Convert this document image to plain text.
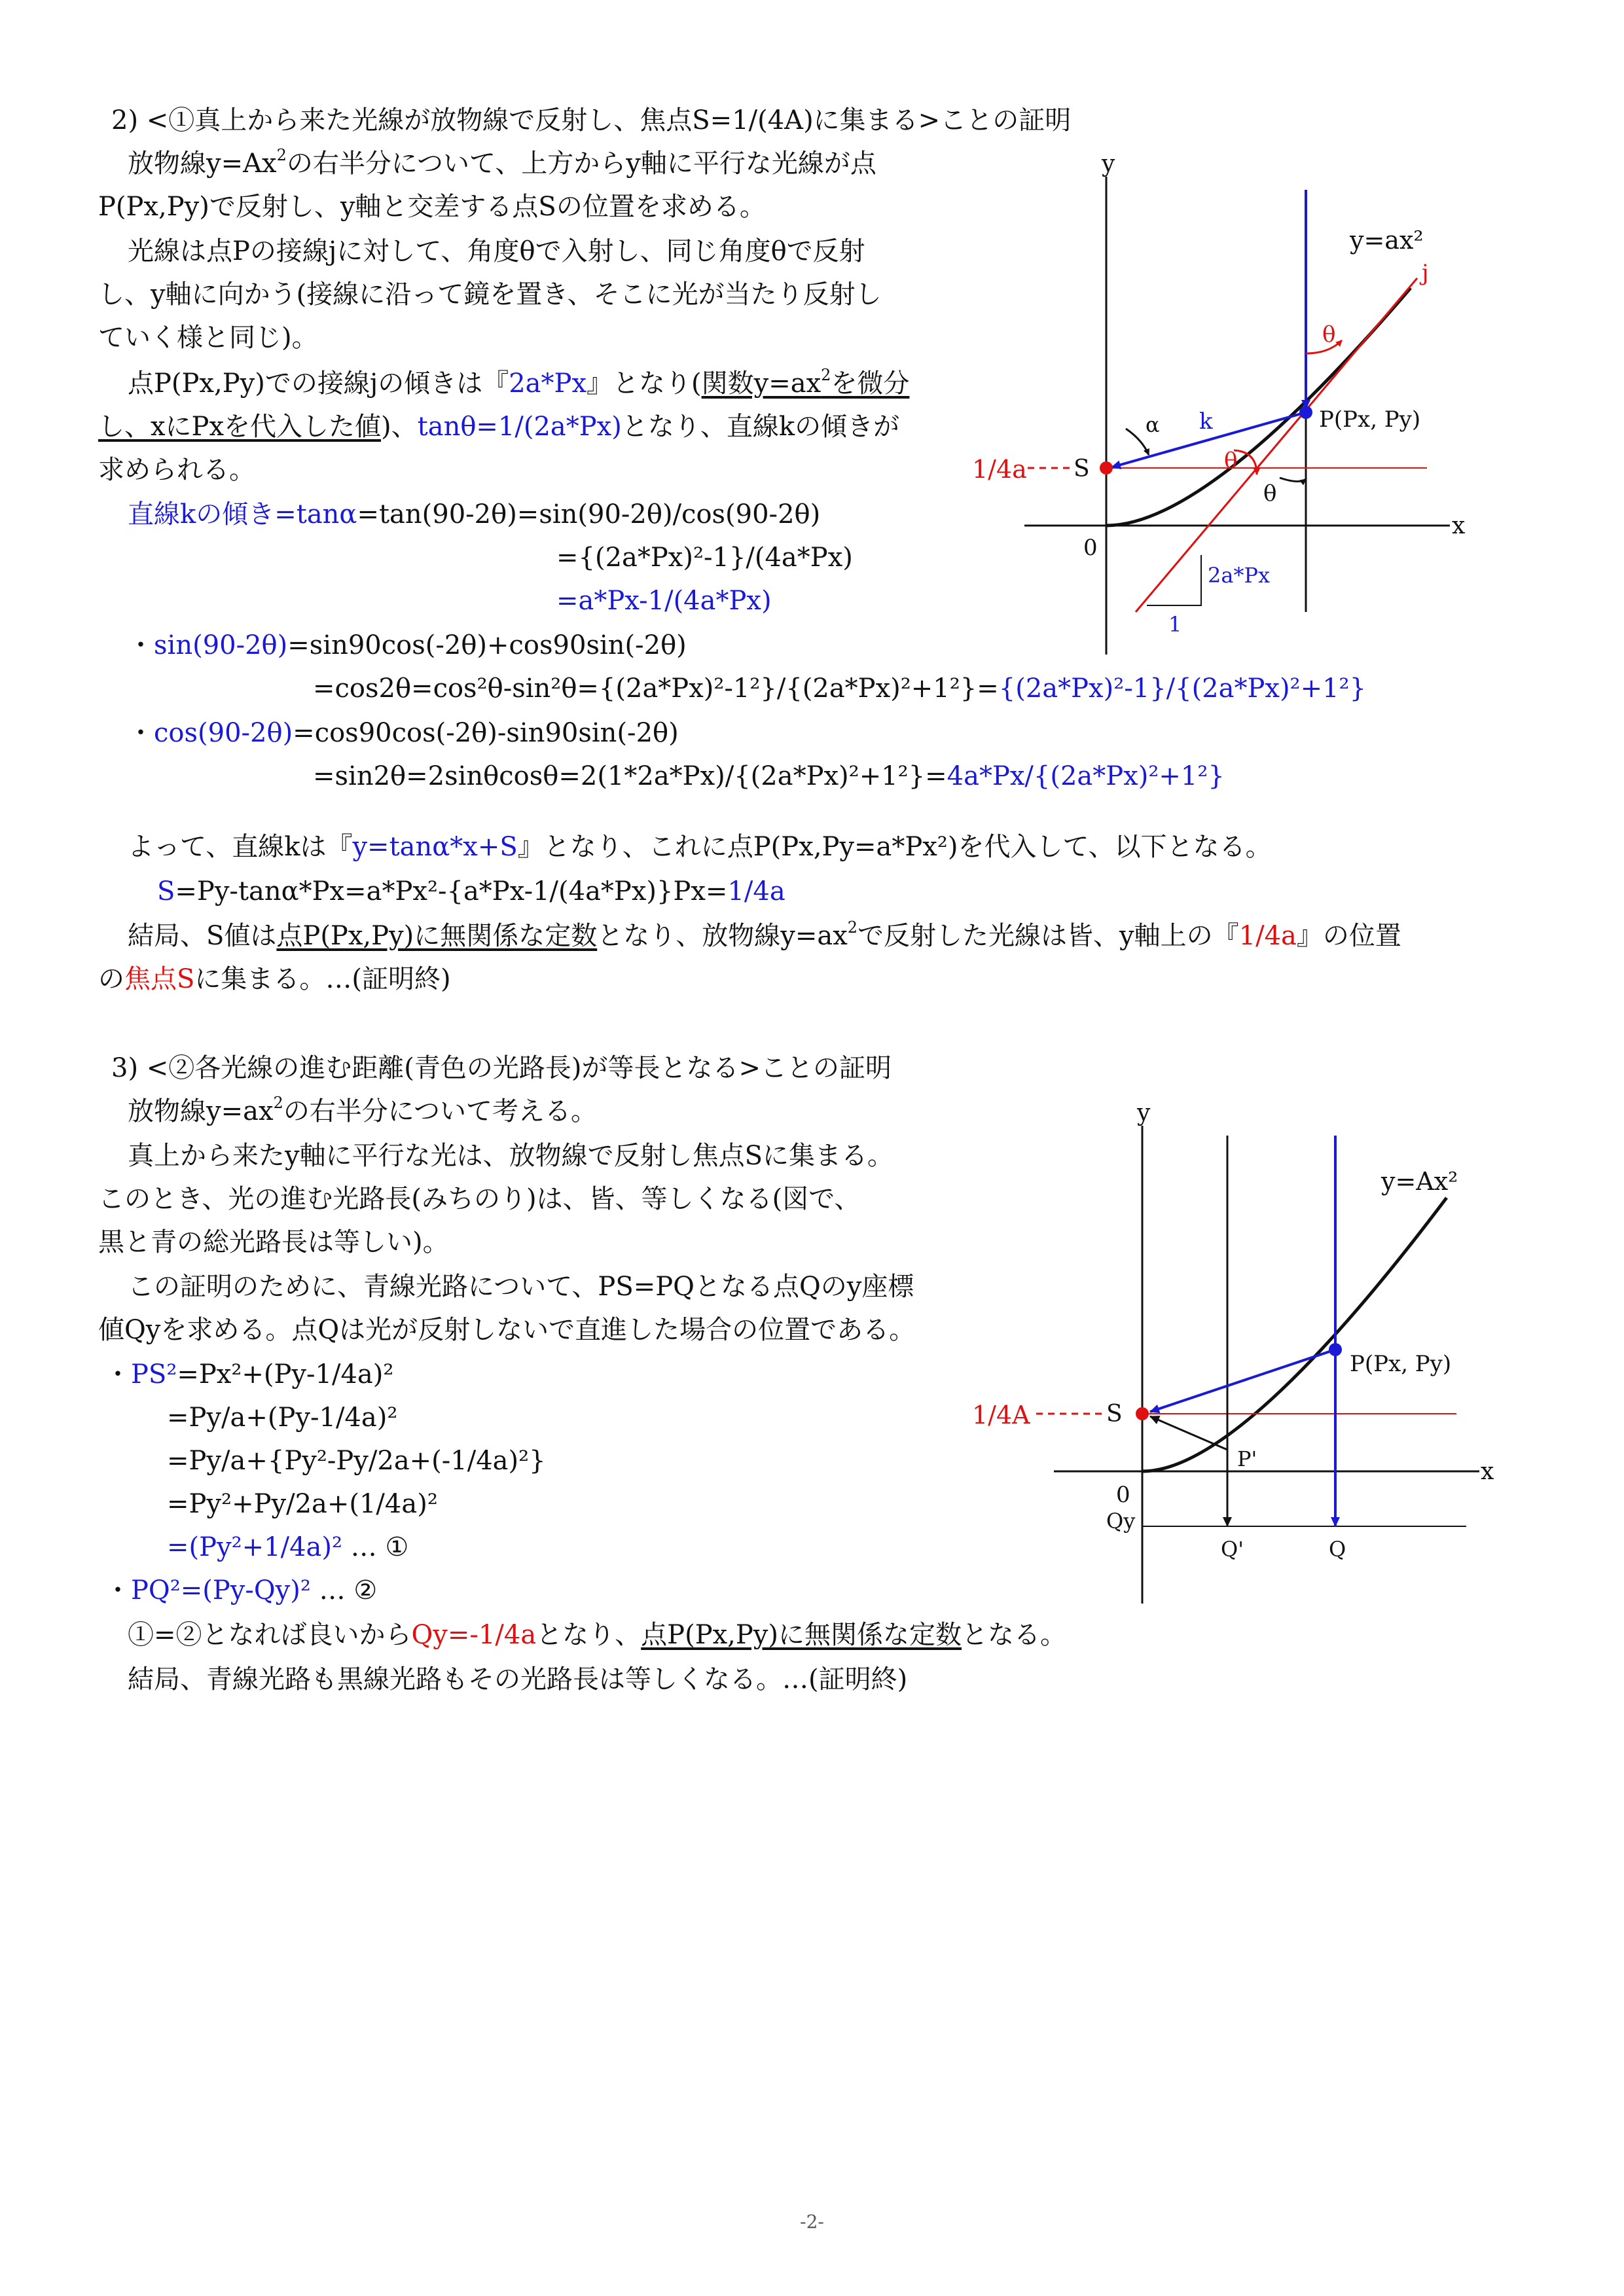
2) <①真上から来た光線が放物線で反射し、焦点S=1/(4A)に集まる>ことの証明
放物線$y=Ax^2$の右半分について、上方からy軸に平行な光線が点
P(Px,Py)で反射し、y軸と交差する点Sの位置を求める。
光線は点Pの接線jに対して、角度θで入射し、同じ角度θで反射
し、y軸に向かう(接線に沿って鏡を置き、そこに光が当たり反射し
ていく様と同じ)。
点P(Px,Py)での接線jの傾きは『2a*Px』となり(関数$y=ax^2$を微分
し、xにPxを代入した値)、tanθ=1/(2a*Px)となり、直線kの傾きが
求められる。
直線kの傾き=tanα=tan(90-2θ)=sin(90-2θ)/cos(90-2θ)
={(2a*Px)²-1}/(4a*Px)
=a*Px-1/(4a*Px)
・sin(90-2θ)=sin90cos(-2θ)+cos90sin(-2θ)
=cos2θ=cos²θ-sin²θ={(2a*Px)²-1²}/{(2a*Px)²+1²}={(2a*Px)²-1}/{(2a*Px)²+1²}
・cos(90-2θ)=cos90cos(-2θ)-sin90sin(-2θ)
=sin2θ=2sinθcosθ=2(1*2a*Px)/{(2a*Px)²+1²}=4a*Px/{(2a*Px)²+1²}
よって、直線kは『y=tanα*x+S』となり、これに点P(Px,Py=a*Px²)を代入して、以下となる。
S=Py-tanα*Px=a*Px²-{a*Px-1/(4a*Px)}Px=1/4a
結局、S値は点P(Px,Py)に無関係な定数となり、放物線$y=ax^2$で反射した光線は皆、y軸上の『1/4a』の位置
の焦点Sに集まる。…(証明終)
3) <②各光線の進む距離(青色の光路長)が等長となる>ことの証明
放物線$y=ax^2$の右半分について考える。
真上から来たy軸に平行な光は、放物線で反射し焦点Sに集まる。
このとき、光の進む光路長(みちのり)は、皆、等しくなる(図で、
黒と青の総光路長は等しい)。
この証明のために、青線光路について、PS=PQとなる点Qのy座標
値Qyを求める。点Qは光が反射しないで直進した場合の位置である。
・PS²=Px²+(Py-1/4a)²
=Py/a+(Py-1/4a)²
=Py/a+{Py²-Py/2a+(-1/4a)²}
=Py²+Py/2a+(1/4a)²
=(Py²+1/4a)² … ①
・PQ²=(Py-Qy)² … ②
①=②となれば良いからQy=-1/4aとなり、点P(Px,Py)に無関係な定数となる。
結局、青線光路も黒線光路もその光路長は等しくなる。…(証明終)
y
x
0
y=ax²
j
θ
θ
θ
α k	P(Px, Py)
S
1/4a
2a*Px
1
y
x
0
y=Ax²
P(Px, Py)
S
1/4A
P'
Qy
Q'	Q
-2-
